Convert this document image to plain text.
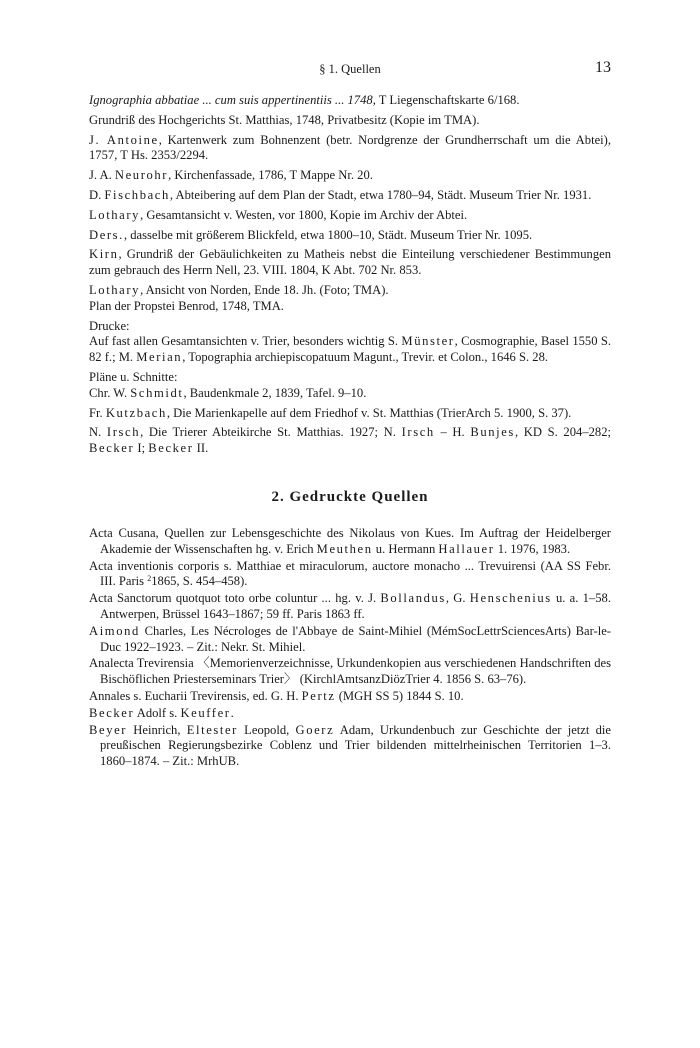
§ 1. Quellen	13

Ignographia abbatiae ... cum suis appertinentiis ... 1748, T Liegenschaftskarte 6/168.

Grundriß des Hochgerichts St. Matthias, 1748, Privatbesitz (Kopie im TMA).

J. Antoine, Kartenwerk zum Bohnenzent (betr. Nordgrenze der Grundherrschaft um die Abtei), 1757, T Hs. 2353/2294.

J. A. Neurohr, Kirchenfassade, 1786, T Mappe Nr. 20.

D. Fischbach, Abteibering auf dem Plan der Stadt, etwa 1780–94, Städt. Museum Trier Nr. 1931.

Lothary, Gesamtansicht v. Westen, vor 1800, Kopie im Archiv der Abtei.

Ders., dasselbe mit größerem Blickfeld, etwa 1800–10, Städt. Museum Trier Nr. 1095.

Kirn, Grundriß der Gebäulichkeiten zu Matheis nebst die Einteilung verschiedener Bestimmungen zum gebrauch des Herrn Nell, 23. VIII. 1804, K Abt. 702 Nr. 853.

Lothary, Ansicht von Norden, Ende 18. Jh. (Foto; TMA).

Plan der Propstei Benrod, 1748, TMA.

Drucke:

Auf fast allen Gesamtansichten v. Trier, besonders wichtig S. Münster, Cosmographie, Basel 1550 S. 82 f.; M. Merian, Topographia archiepiscopatuum Magunt., Trevir. et Colon., 1646 S. 28.

Pläne u. Schnitte:

Chr. W. Schmidt, Baudenkmale 2, 1839, Tafel. 9–10.

Fr. Kutzbach, Die Marienkapelle auf dem Friedhof v. St. Matthias (TrierArch 5. 1900, S. 37).

N. Irsch, Die Trierer Abteikirche St. Matthias. 1927; N. Irsch – H. Bunjes, KD S. 204–282; Becker I; Becker II.

2. Gedruckte Quellen

Acta Cusana, Quellen zur Lebensgeschichte des Nikolaus von Kues. Im Auftrag der Heidelberger Akademie der Wissenschaften hg. v. Erich Meuthen u. Hermann Hallauer 1. 1976, 1983.

Acta inventionis corporis s. Matthiae et miraculorum, auctore monacho ... Trevuirensi (AA SS Febr. III. Paris $^2$1865, S. 454–458).

Acta Sanctorum quotquot toto orbe coluntur ... hg. v. J. Bollandus, G. Henschenius u. a. 1–58. Antwerpen, Brüssel 1643–1867; 59 ff. Paris 1863 ff.

Aimond Charles, Les Nécrologes de l'Abbaye de Saint-Mihiel (MémSocLettrSciencesArts) Bar-le-Duc 1922–1923. – Zit.: Nekr. St. Mihiel.

Analecta Trevirensia 〈Memorienverzeichnisse, Urkundenkopien aus verschiedenen Handschriften des Bischöflichen Priesterseminars Trier〉 (KirchlAmtsanzDiözTrier 4. 1856 S. 63–76).

Annales s. Eucharii Trevirensis, ed. G. H. Pertz (MGH SS 5) 1844 S. 10.

Becker Adolf s. Keuffer.

Beyer Heinrich, Eltester Leopold, Goerz Adam, Urkundenbuch zur Geschichte der jetzt die preußischen Regierungsbezirke Coblenz und Trier bildenden mittelrheinischen Territorien 1–3. 1860–1874. – Zit.: MrhUB.
